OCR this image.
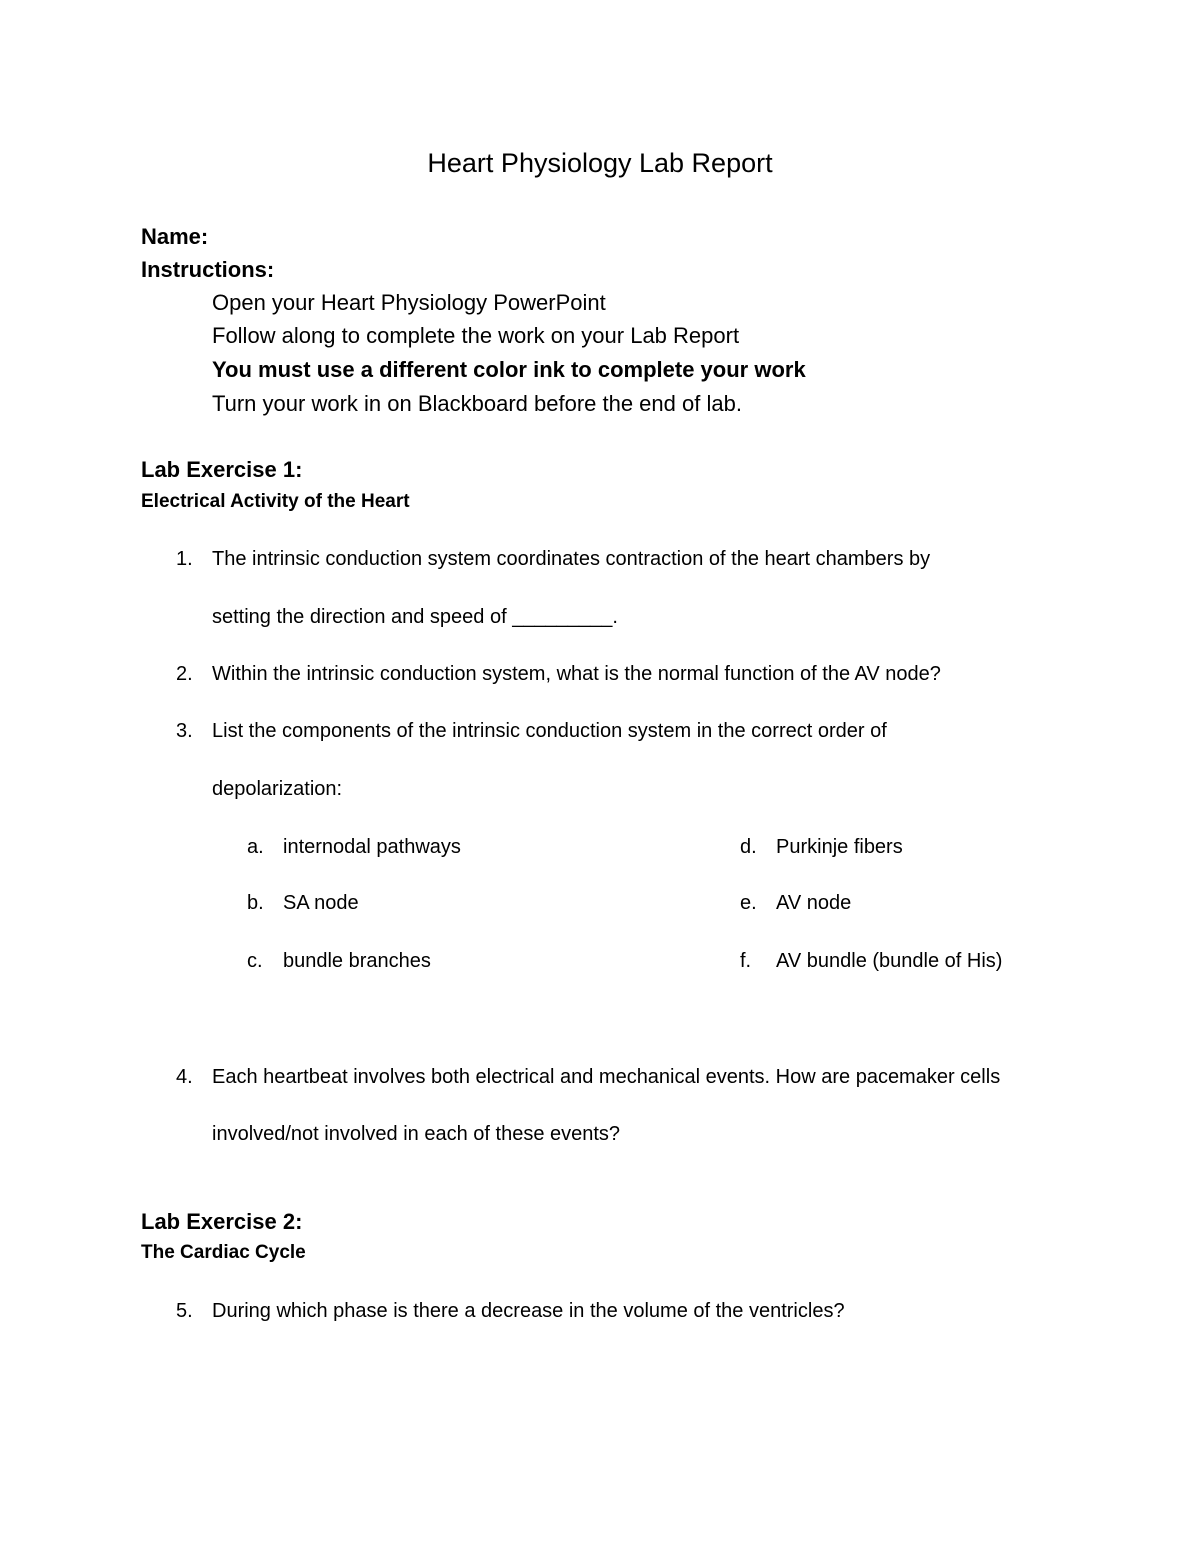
Heart Physiology Lab Report
Name:
Instructions:
Open your Heart Physiology PowerPoint
Follow along to complete the work on your Lab Report
You must use a different color ink to complete your work
Turn your work in on Blackboard before the end of lab.
Lab Exercise 1:
Electrical Activity of the Heart
1. The intrinsic conduction system coordinates contraction of the heart chambers by
setting the direction and speed of _________.
2. Within the intrinsic conduction system, what is the normal function of the AV node?
3. List the components of the intrinsic conduction system in the correct order of
depolarization:
a. internodal pathways
b. SA node
c. bundle branches
d. Purkinje fibers
e. AV node
f. AV bundle (bundle of His)
4. Each heartbeat involves both electrical and mechanical events. How are pacemaker cells
involved/not involved in each of these events?
Lab Exercise 2:
The Cardiac Cycle
5. During which phase is there a decrease in the volume of the ventricles?
